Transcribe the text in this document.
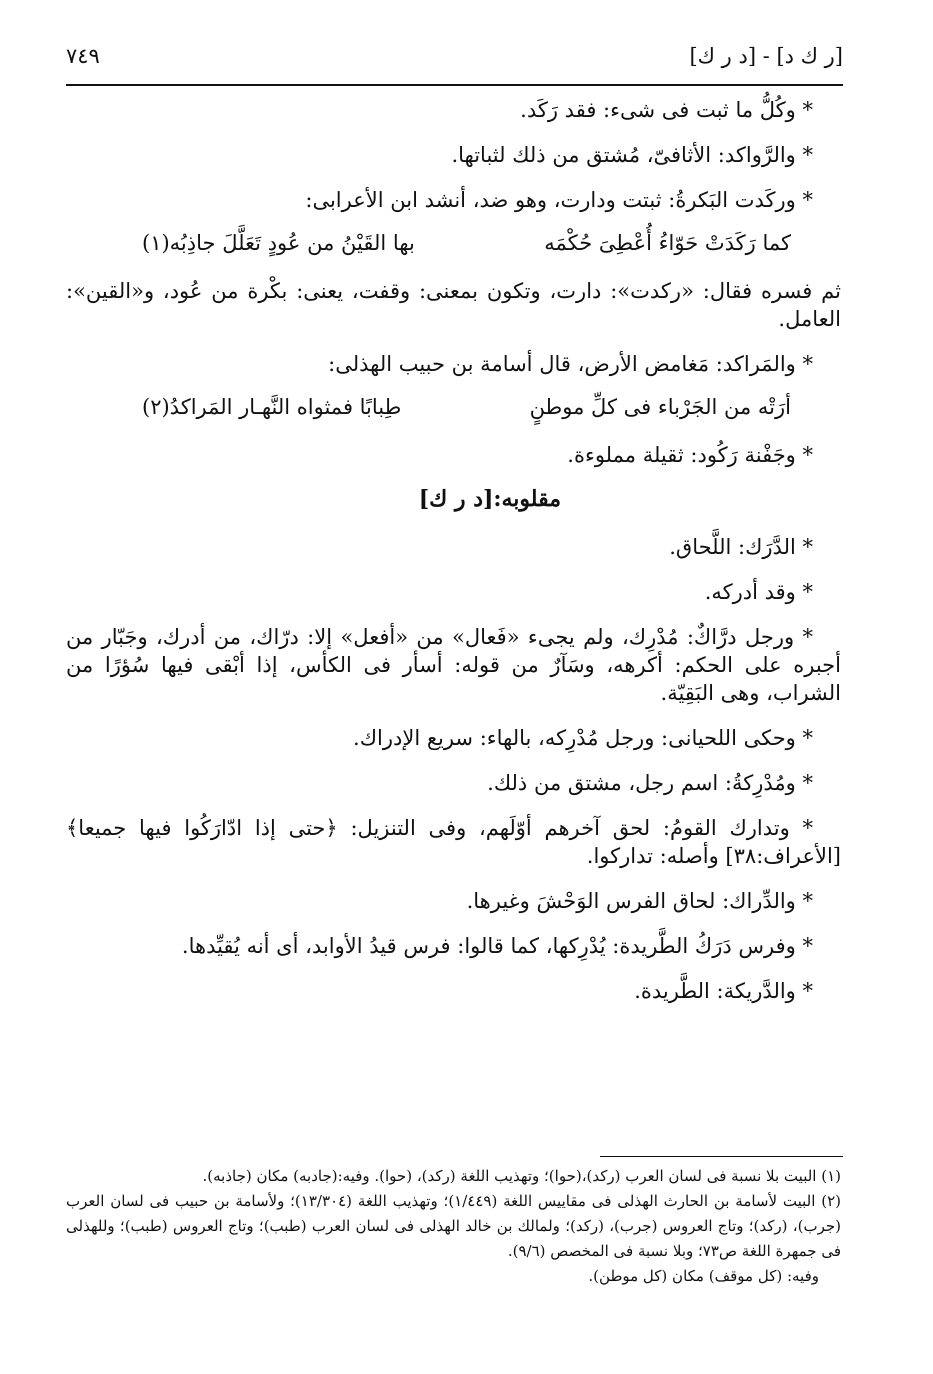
[ر ك د] - [د ر ك]
٧٤٩

* وكُلُّ ما ثبت فى شىء: فقد رَكَد.

* والرَّواكد: الأثافىّ، مُشتق من ذلك لثباتها.

* وركَدت البَكرةُ: ثبتت ودارت، وهو ضد، أنشد ابن الأعرابى:

كما رَكَدَتْ حَوّاءُ أُعْطِىَ حُكْمَه
بها القَيْنُ من عُودٍ تَعَلَّلَ جاذِبُه(١)

ثم فسره فقال: «ركدت»: دارت، وتكون بمعنى: وقفت، يعنى: بكْرة من عُود، و«القين»: العامل.

* والمَراكد: مَغامض الأرض، قال أسامة بن حبيب الهذلى:

أرَتْه من الجَرْباء فى كلِّ موطنٍ
طِبابًا فمثواه النَّهـار المَراكدُ(٢)

* وجَفْنة رَكُود: ثقيلة مملوءة.

مقلوبه:[د ر ك]

* الدَّرَك: اللَّحاق.

* وقد أدركه.

* ورجل درَّاكٌ: مُدْرِك، ولم يجىء «فَعال» من «أفعل» إلا: درّاك، من أدرك، وجَبّار من أجبره على الحكم: أكرهه، وسَآرٌ من قوله: أسأر فى الكأس، إذا أبْقى فيها سُؤرًا من الشراب، وهى البَقِيّة.

* وحكى اللحيانى: ورجل مُدْرِكه، بالهاء: سريع الإدراك.

* ومُدْرِكةُ: اسم رجل، مشتق من ذلك.

* وتدارك القومُ: لحق آخرهم أوّلَهم، وفى التنزيل: ﴿حتى إذا ادّارَكُوا فيها جميعا﴾ [الأعراف:٣٨] وأصله: تداركوا.

* والدِّراك: لحاق الفرس الوَحْشَ وغيرها.

* وفرس دَرَكُ الطَّريدة: يُدْرِكها، كما قالوا: فرس قيدُ الأوابد، أى أنه يُقيِّدها.

* والدَّريكة: الطَّريدة.

(١) البيت بلا نسبة فى لسان العرب (ركد)،(حوا)؛ وتهذيب اللغة (ركد)، (حوا). وفيه:(جادبه) مكان (جاذبه).

(٢) البيت لأسامة بن الحارث الهذلى فى مقاييس اللغة (١/٤٤٩)؛ وتهذيب اللغة (١٣/٣٠٤)؛ ولأسامة بن حبيب فى لسان العرب (جرب)، (ركد)؛ وتاج العروس (جرب)، (ركد)؛ ولمالك بن خالد الهذلى فى لسان العرب (طبب)؛ وتاج العروس (طبب)؛ وللهذلى فى جمهرة اللغة ص٧٣؛ وبلا نسبة فى المخصص (٩/٦).

وفيه: (كل موقف) مكان (كل موطن).
